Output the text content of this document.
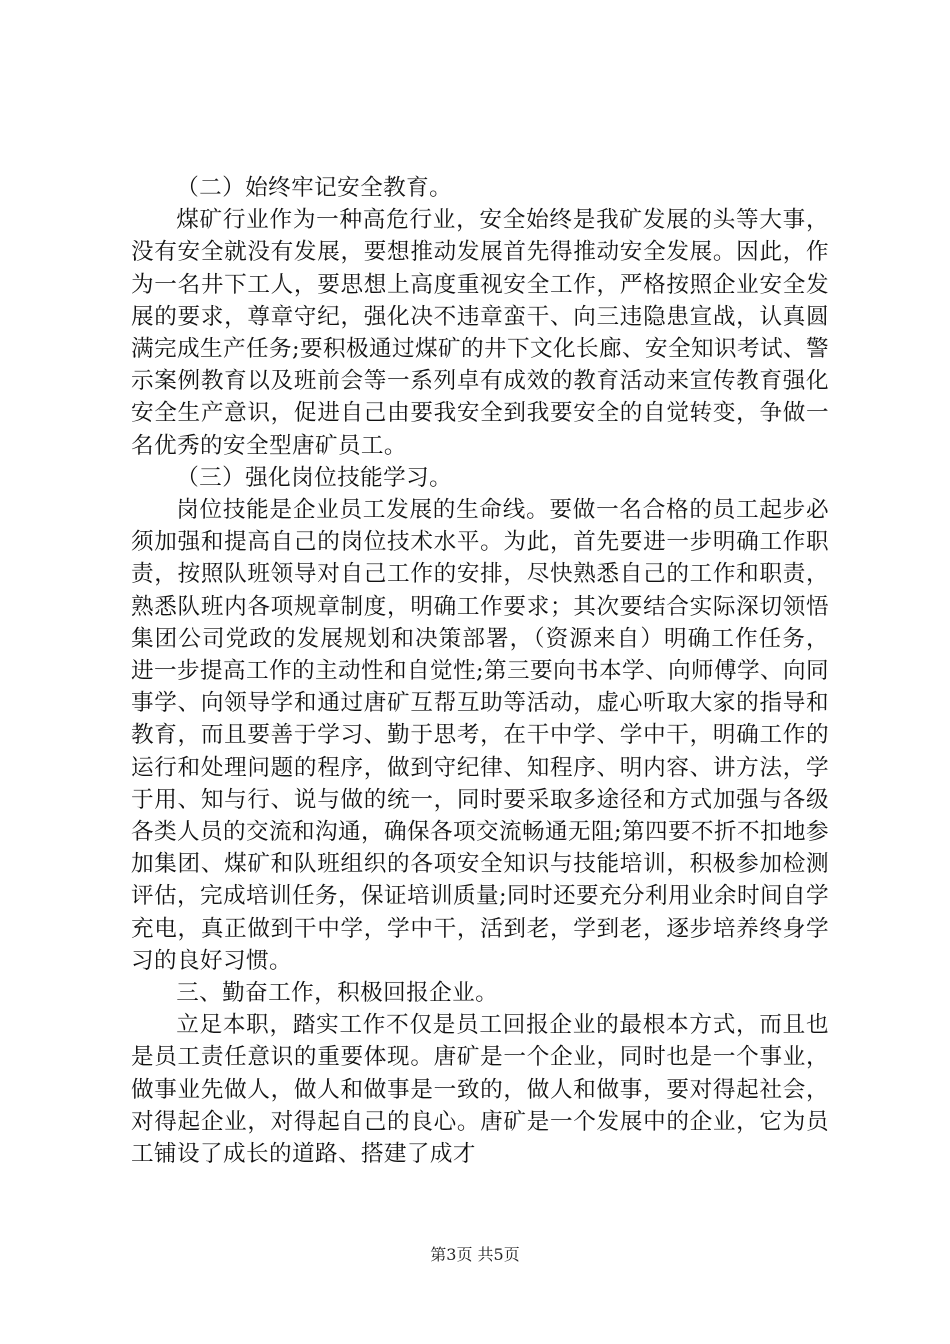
（二）始终牢记安全教育。

煤矿行业作为一种高危行业，安全始终是我矿发展的头等大事，没有安全就没有发展，要想推动发展首先得推动安全发展。因此，作为一名井下工人，要思想上高度重视安全工作，严格按照企业安全发展的要求，尊章守纪，强化决不违章蛮干、向三违隐患宣战，认真圆满完成生产任务;要积极通过煤矿的井下文化长廊、安全知识考试、警示案例教育以及班前会等一系列卓有成效的教育活动来宣传教育强化安全生产意识，促进自己由要我安全到我要安全的自觉转变，争做一名优秀的安全型唐矿员工。

（三）强化岗位技能学习。

岗位技能是企业员工发展的生命线。要做一名合格的员工起步必须加强和提高自己的岗位技术水平。为此，首先要进一步明确工作职责，按照队班领导对自己工作的安排，尽快熟悉自己的工作和职责，熟悉队班内各项规章制度，明确工作要求；其次要结合实际深切领悟集团公司党政的发展规划和决策部署，（资源来自）明确工作任务，进一步提高工作的主动性和自觉性;第三要向书本学、向师傅学、向同事学、向领导学和通过唐矿互帮互助等活动，虚心听取大家的指导和教育，而且要善于学习、勤于思考，在干中学、学中干，明确工作的运行和处理问题的程序，做到守纪律、知程序、明内容、讲方法，学于用、知与行、说与做的统一，同时要采取多途径和方式加强与各级各类人员的交流和沟通，确保各项交流畅通无阻;第四要不折不扣地参加集团、煤矿和队班组织的各项安全知识与技能培训，积极参加检测评估，完成培训任务，保证培训质量;同时还要充分利用业余时间自学充电，真正做到干中学，学中干，活到老，学到老，逐步培养终身学习的良好习惯。

三、勤奋工作，积极回报企业。

立足本职，踏实工作不仅是员工回报企业的最根本方式，而且也是员工责任意识的重要体现。唐矿是一个企业，同时也是一个事业，做事业先做人，做人和做事是一致的，做人和做事，要对得起社会，对得起企业，对得起自己的良心。唐矿是一个发展中的企业，它为员工铺设了成长的道路、搭建了成才

第3页 共5页
